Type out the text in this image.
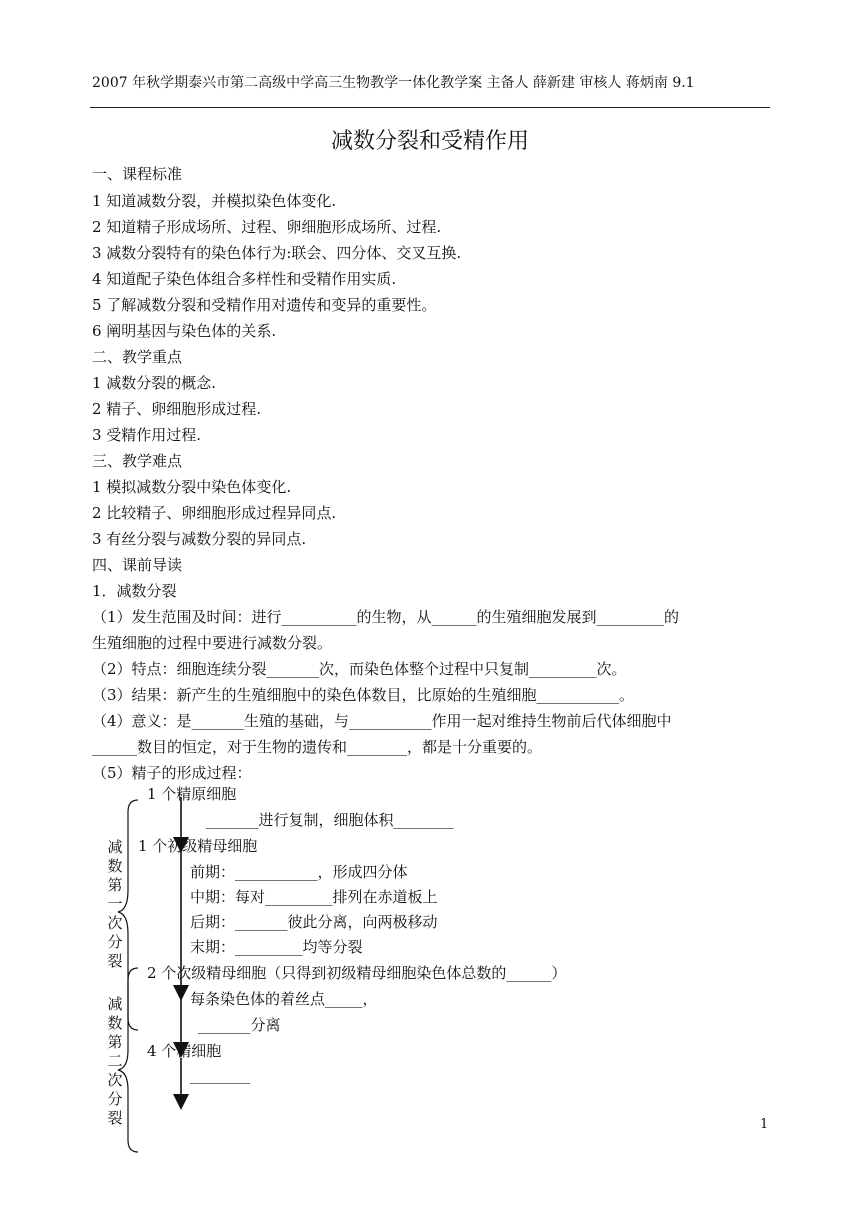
2007 年秋学期泰兴市第二高级中学高三生物教学一体化教学案 主备人 薛新建 审核人 蒋炳南 9.1
减数分裂和受精作用
一、课程标准
1 知道减数分裂，并模拟染色体变化.
2 知道精子形成场所、过程、卵细胞形成场所、过程.
3 减数分裂特有的染色体行为:联会、四分体、交叉互换.
4 知道配子染色体组合多样性和受精作用实质.
5 了解减数分裂和受精作用对遗传和变异的重要性。
6 阐明基因与染色体的关系.
二、教学重点
1 减数分裂的概念.
2 精子、卵细胞形成过程.
3 受精作用过程.
三、教学难点
1 模拟减数分裂中染色体变化.
2 比较精子、卵细胞形成过程异同点.
3 有丝分裂与减数分裂的异同点.
四、课前导读
1．减数分裂
（1）发生范围及时间：进行__________的生物，从______的生殖细胞发展到_________的
生殖细胞的过程中要进行减数分裂。
（2）特点：细胞连续分裂_______次，而染色体整个过程中只复制_________次。
（3）结果：新产生的生殖细胞中的染色体数目，比原始的生殖细胞___________。
（4）意义：是_______生殖的基础，与___________作用一起对维持生物前后代体细胞中
______数目的恒定，对于生物的遗传和________，都是十分重要的。
（5）精子的形成过程：
减
数
第
一
次
分
裂
减
数
第
二
次
分
裂
1 个精原细胞
_______进行复制，细胞体积________
1 个初级精母细胞
前期：___________，形成四分体
中期：每对_________排列在赤道板上
后期：_______彼此分离，向两极移动
末期：_________均等分裂
2 个次级精母细胞（只得到初级精母细胞染色体总数的______）
每条染色体的着丝点_____，
_______分离
4 个精细胞
________
1
